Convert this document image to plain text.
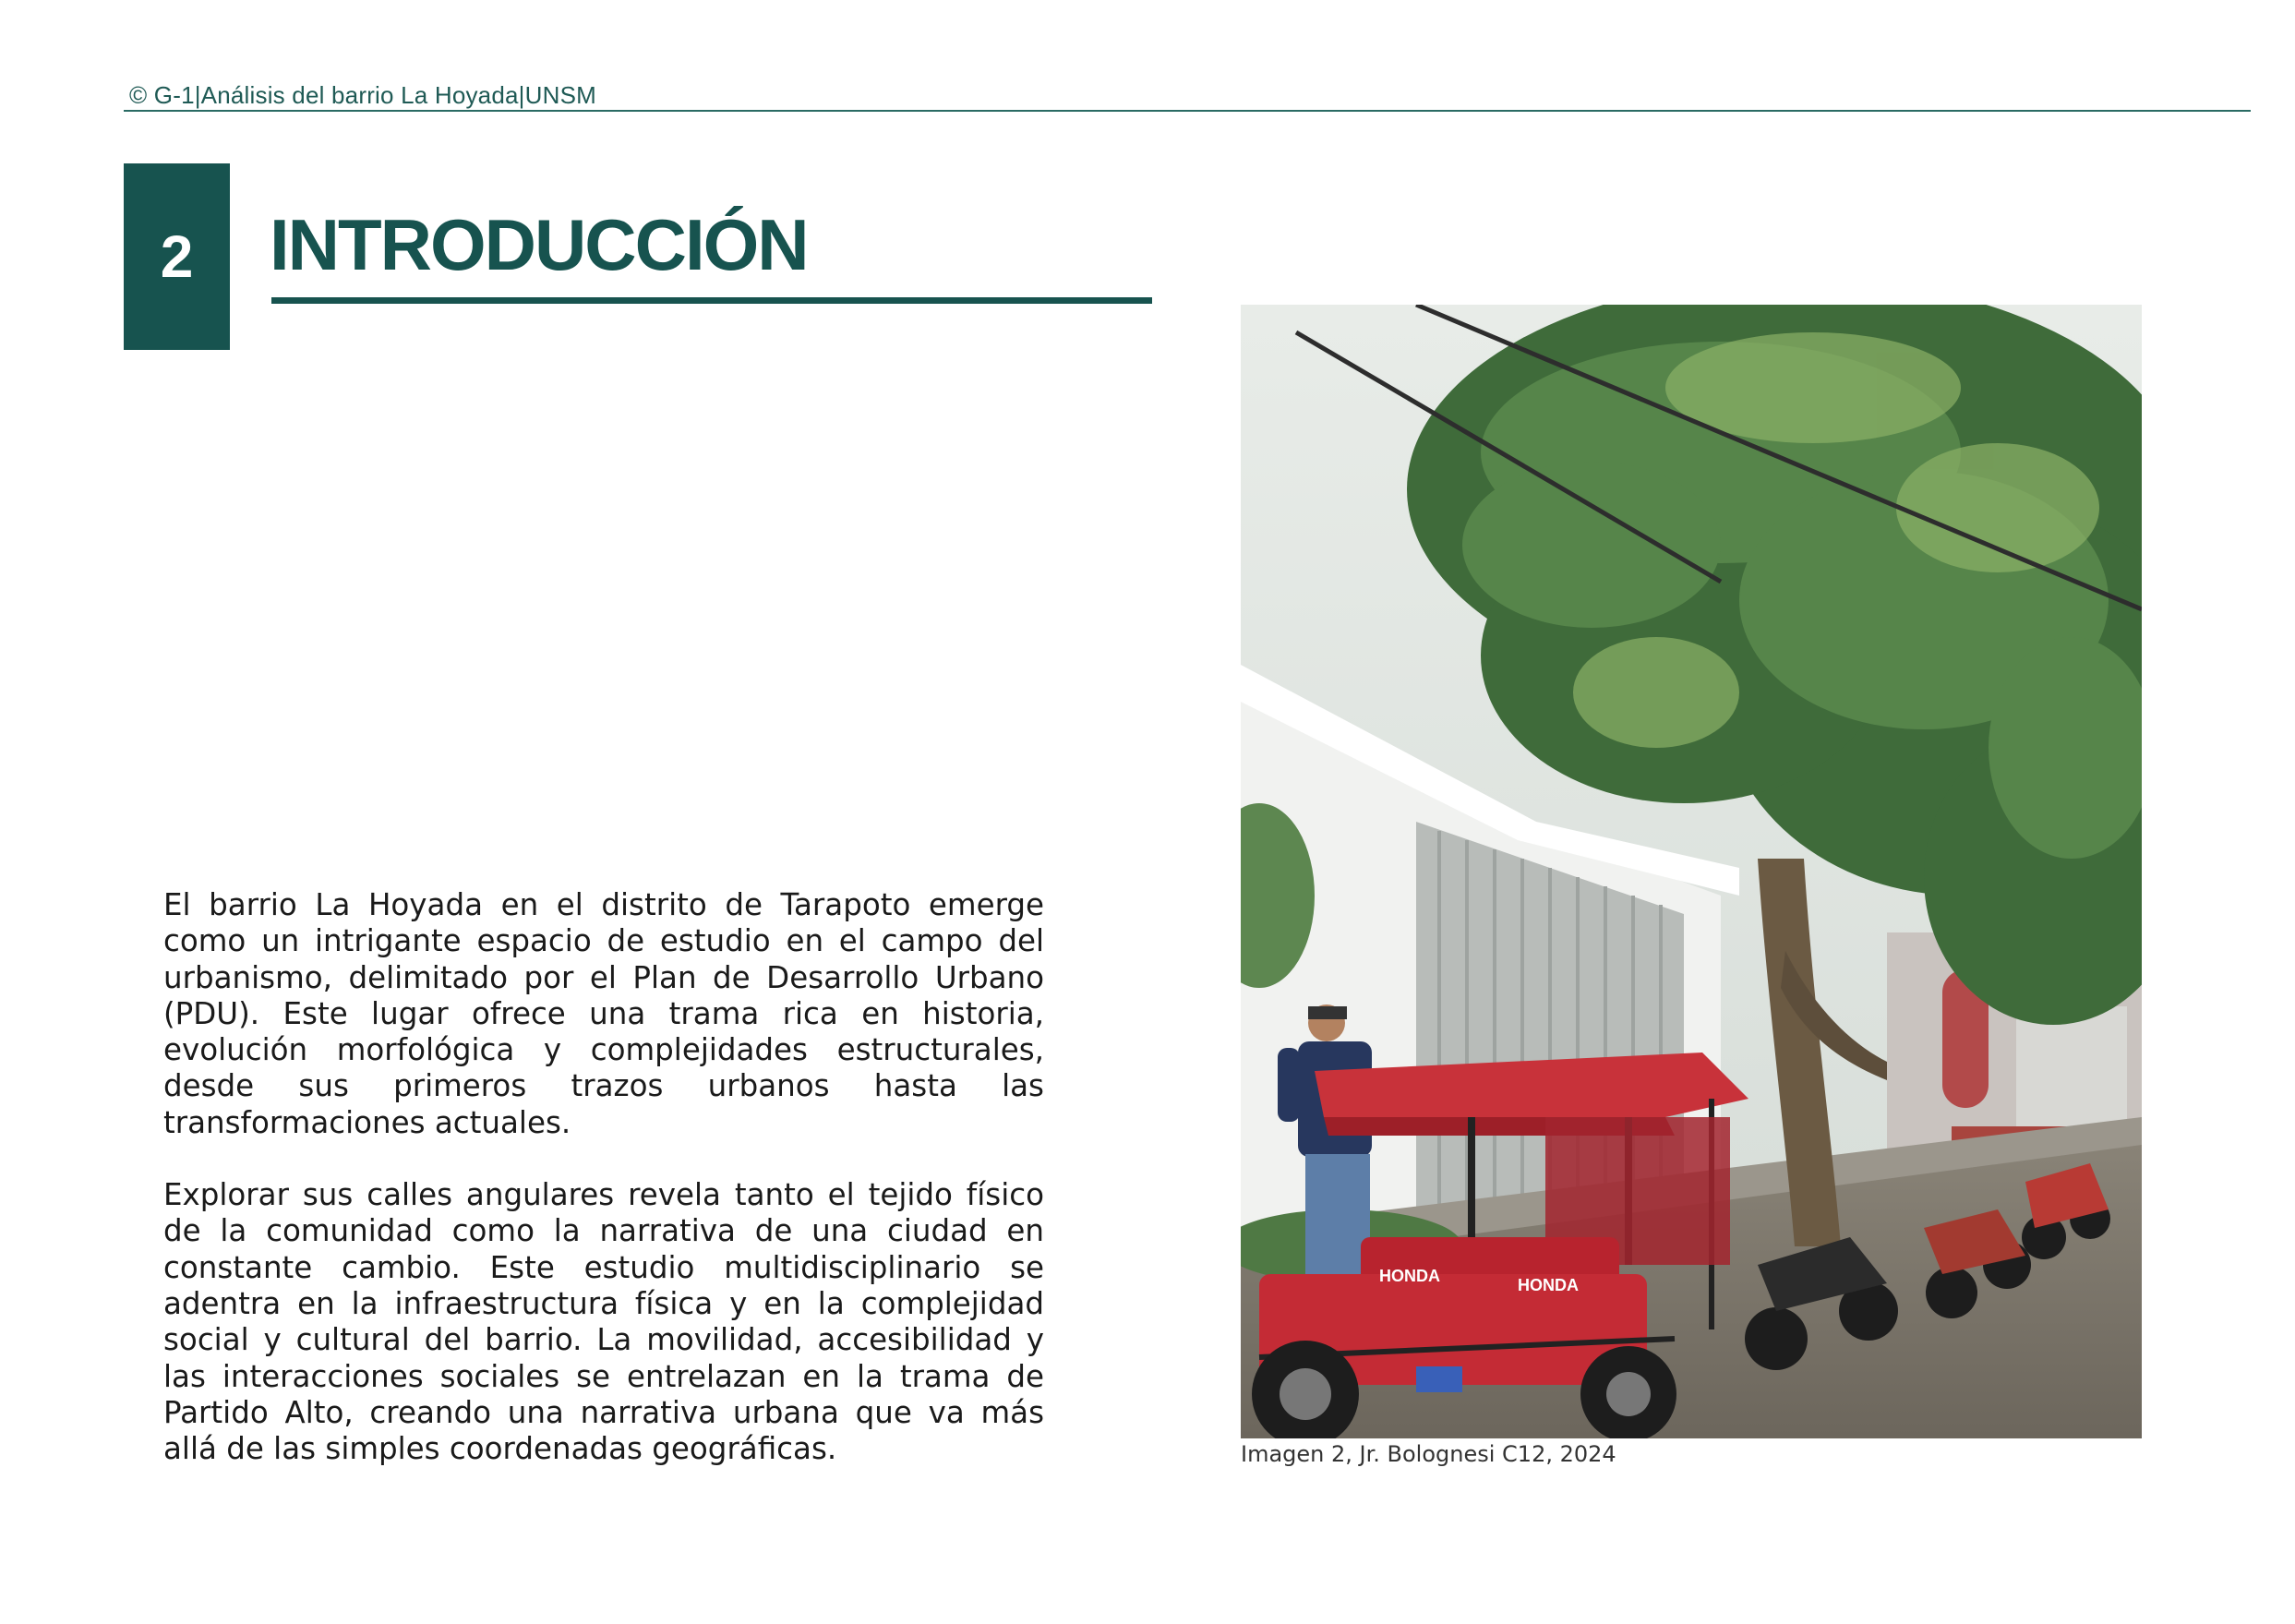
© G-1|Análisis del barrio La Hoyada|UNSM
2	INTRODUCCIÓN

El barrio La Hoyada en el distrito de Tarapoto emerge como un intrigante espacio de estudio en el campo del urbanismo, delimitado por el Plan de Desarrollo Urbano (PDU). Este lugar ofrece una trama rica en historia, evolución morfológica y complejidades estructurales, desde sus primeros trazos urbanos hasta las transformaciones actuales.

Explorar sus calles angulares revela tanto el tejido físico de la comunidad como la narrativa de una ciudad en constante cambio. Este estudio multidisciplinario se adentra en la infraestructura física y en la complejidad social y cultural del barrio. La movilidad, accesibilidad y las interacciones sociales se entrelazan en la trama de Partido Alto, creando una narrativa urbana que va más allá de las simples coordenadas geográficas.

HONDA	HONDA
Imagen 2, Jr. Bolognesi C12, 2024
